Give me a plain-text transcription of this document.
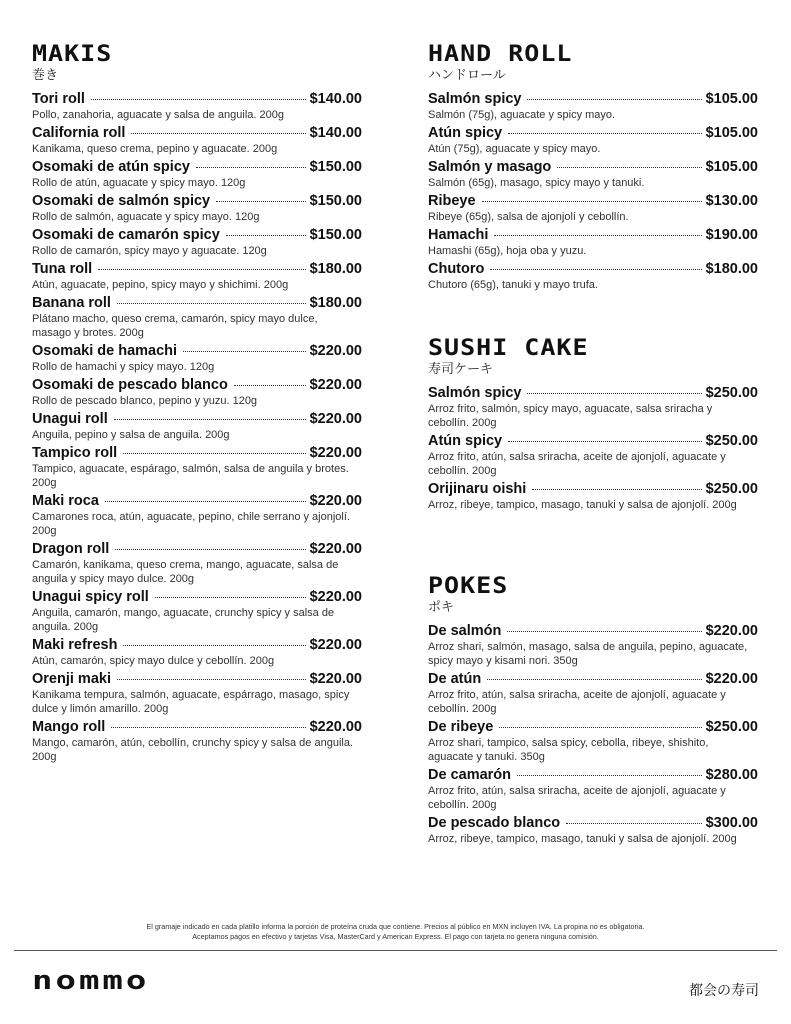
MAKIS
巻き
Tori roll	$140.00
Pollo, zanahoria, aguacate y salsa de anguila. 200g
California roll	$140.00
Kanikama, queso crema, pepino y aguacate. 200g
Osomaki de atún spicy	$150.00
Rollo de atún, aguacate y spicy mayo. 120g
Osomaki de salmón spicy	$150.00
Rollo de salmón, aguacate y spicy mayo. 120g
Osomaki de camarón spicy	$150.00
Rollo de camarón, spicy mayo y aguacate. 120g
Tuna roll	$180.00
Atún, aguacate, pepino, spicy mayo y shichimi. 200g
Banana roll	$180.00
Plátano macho, queso crema, camarón, spicy mayo dulce, masago y brotes. 200g
Osomaki de hamachi	$220.00
Rollo de hamachi y spicy mayo. 120g
Osomaki de pescado blanco	$220.00
Rollo de pescado blanco, pepino y yuzu. 120g
Unagui roll	$220.00
Anguila, pepino y salsa de anguila. 200g
Tampico roll	$220.00
Tampico, aguacate, espárago, salmón, salsa de anguila y brotes. 200g
Maki roca	$220.00
Camarones roca, atún, aguacate, pepino, chile serrano y ajonjolí. 200g
Dragon roll	$220.00
Camarón, kanikama, queso crema, mango, aguacate, salsa de anguila y spicy mayo dulce. 200g
Unagui spicy roll	$220.00
Anguila, camarón, mango, aguacate, crunchy spicy y salsa de anguila. 200g
Maki refresh	$220.00
Atún, camarón, spicy mayo dulce y cebollín. 200g
Orenji maki	$220.00
Kanikama tempura, salmón, aguacate, espárrago, masago, spicy dulce y limón amarillo. 200g
Mango roll	$220.00
Mango, camarón, atún, cebollín, crunchy spicy y salsa de anguila. 200g
HAND ROLL
ハンドロール
Salmón spicy	$105.00
Salmón (75g), aguacate y spicy mayo.
Atún spicy	$105.00
Atún (75g), aguacate y spicy mayo.
Salmón y masago	$105.00
Salmón (65g), masago, spicy mayo y tanuki.
Ribeye	$130.00
Ribeye (65g), salsa de ajonjolí y cebollín.
Hamachi	$190.00
Hamashi (65g), hoja oba y yuzu.
Chutoro	$180.00
Chutoro (65g), tanuki y mayo trufa.
SUSHI CAKE
寿司ケーキ
Salmón spicy	$250.00
Arroz frito, salmón, spicy mayo, aguacate, salsa sriracha y cebollín. 200g
Atún spicy	$250.00
Arroz frito, atún, salsa sriracha, aceite de ajonjolí, aguacate y cebollín. 200g
Orijinaru oishi	$250.00
Arroz, ribeye, tampico, masago, tanuki y salsa de ajonjolí. 200g
POKES
ポキ
De salmón	$220.00
Arroz shari, salmón, masago, salsa de anguila, pepino, aguacate, spicy mayo y kisami nori. 350g
De atún	$220.00
Arroz frito, atún, salsa sriracha, aceite de ajonjolí, aguacate y cebollín. 200g
De ribeye	$250.00
Arroz shari, tampico, salsa spicy, cebolla, ribeye, shishito, aguacate y tanuki. 350g
De camarón	$280.00
Arroz frito, atún, salsa sriracha, aceite de ajonjolí, aguacate y cebollín. 200g
De pescado blanco	$300.00
Arroz, ribeye, tampico, masago, tanuki y salsa de ajonjolí. 200g
El gramaje indicado en cada platillo informa la porción de proteína cruda que contiene. Precios al público en MXN incluyen IVA. La propina no es obligatoria.
Aceptamos pagos en efectivo y tarjetas Visa, MasterCard y American Express. El pago con tarjeta no genera ninguna comisión.
nommo	都会の寿司
